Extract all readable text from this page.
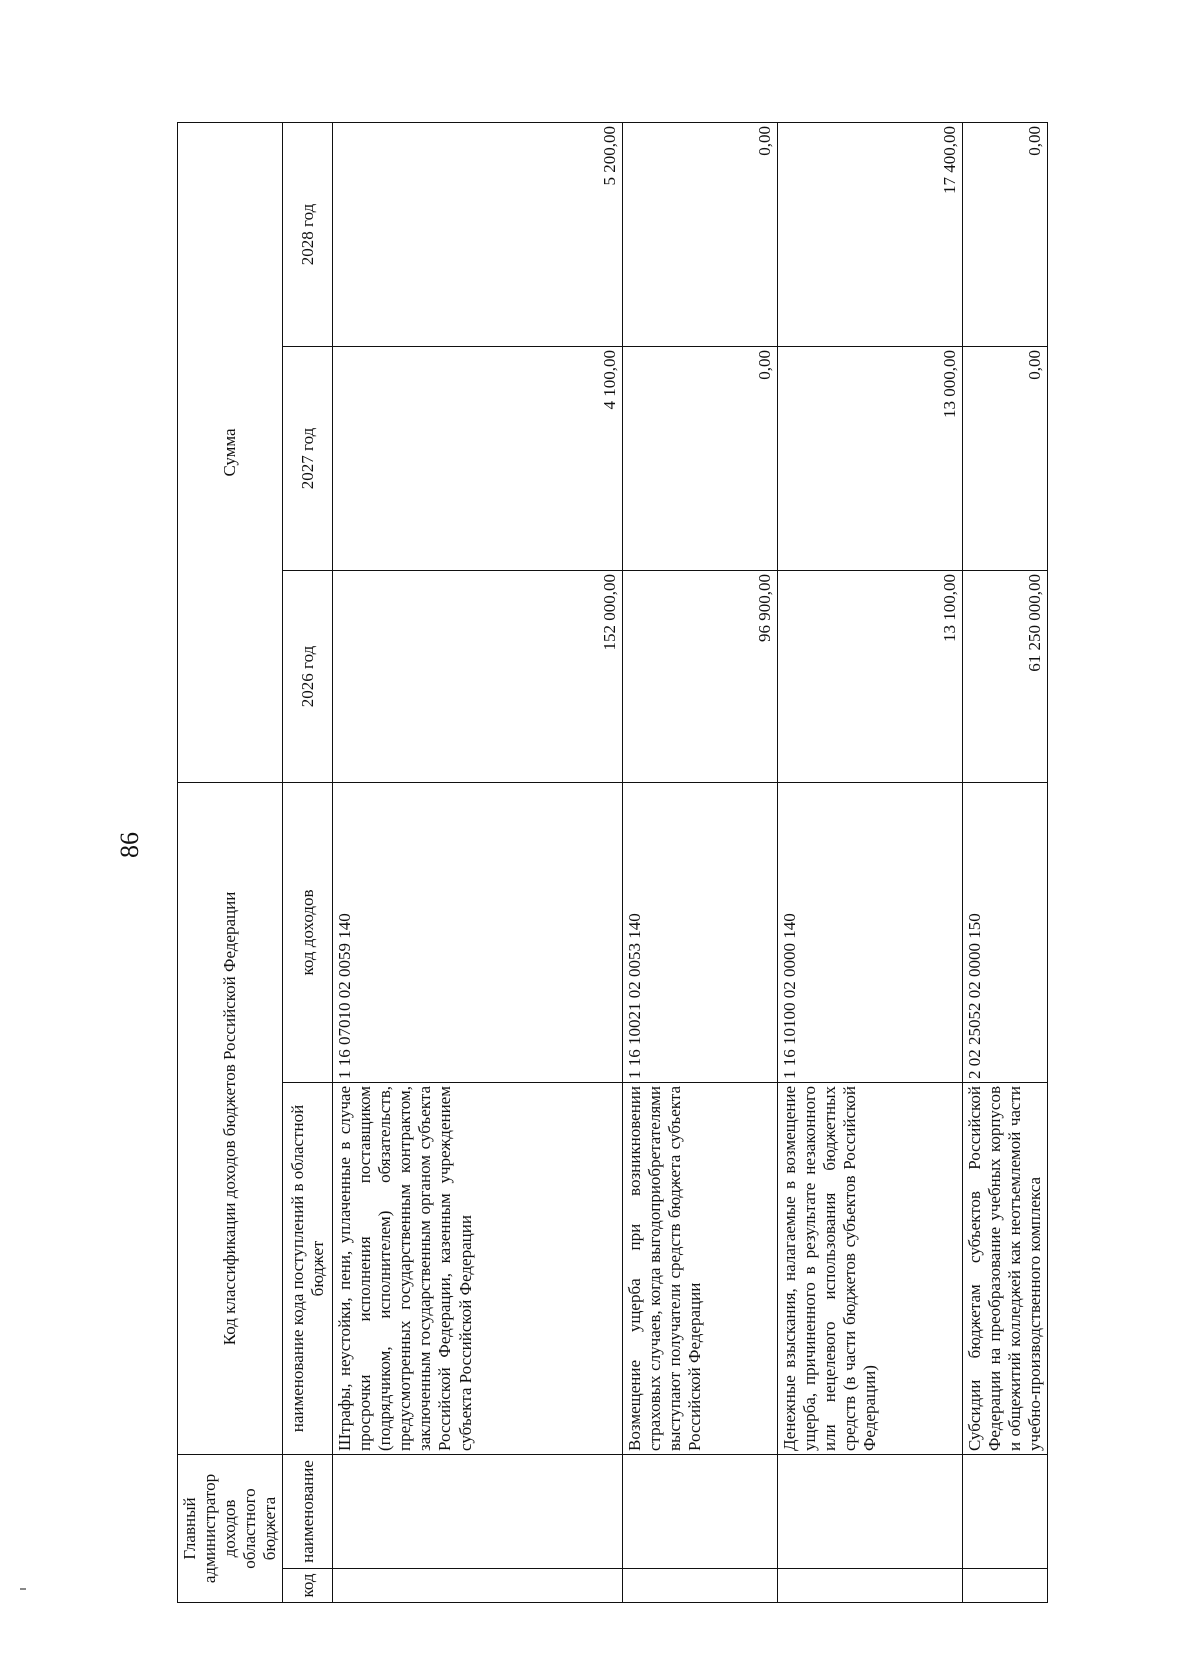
86
Главный администратор доходов областного бюджета		Код классификации доходов бюджетов Российской Федерации		Сумма		
код	наименование	наименование кода поступлений в областной бюджет	код доходов	2026 год	2027 год	2028 год
		Штрафы, неустойки, пени, уплаченные в случае просрочки исполнения поставщиком (подрядчиком, исполнителем) обязательств, предусмотренных государственным контрактом, заключенным государственным органом субъекта Российской Федерации, казенным учреждением субъекта Российской Федерации	1 16 07010 02 0059 140	152 000,00	4 100,00	5 200,00
		Возмещение ущерба при возникновении страховых случаев, когда выгодоприобретателями выступают получатели средств бюджета субъекта Российской Федерации	1 16 10021 02 0053 140	96 900,00	0,00	0,00
		Денежные взыскания, налагаемые в возмещение ущерба, причиненного в результате незаконного или нецелевого использования бюджетных средств (в части бюджетов субъектов Российской Федерации)	1 16 10100 02 0000 140	13 100,00	13 000,00	17 400,00
		Субсидии бюджетам субъектов Российской Федерации на преобразование учебных корпусов и общежитий колледжей как неотъемлемой части учебно-производственного комплекса	2 02 25052 02 0000 150	61 250 000,00	0,00	0,00
